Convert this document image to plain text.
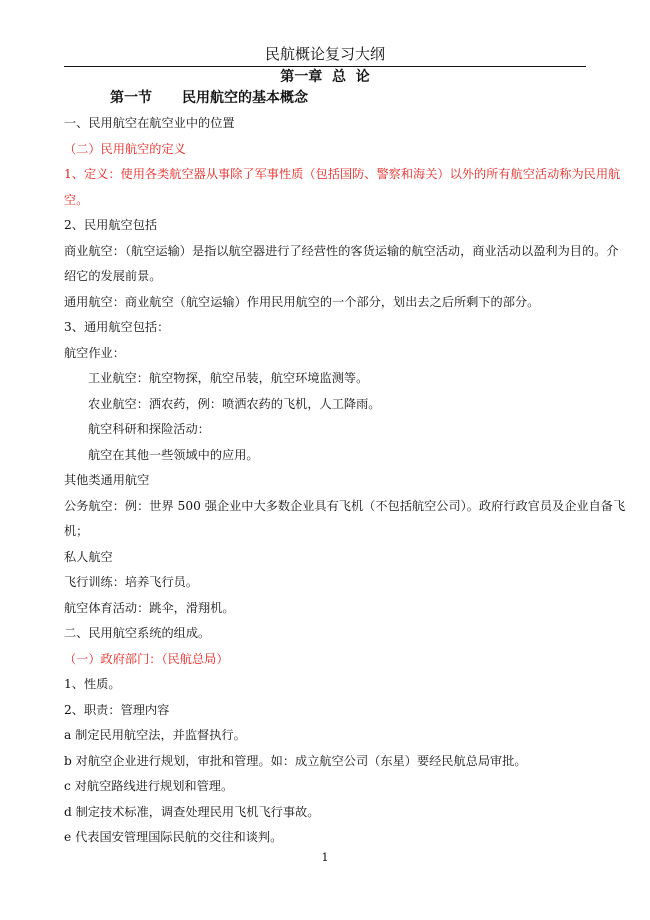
民航概论复习大纲
第一章  总  论
第一节 民用航空的基本概念

一、民用航空在航空业中的位置

（二）民用航空的定义

1、定义：使用各类航空器从事除了军事性质（包括国防、警察和海关）以外的所有航空活动称为民用航

空。

2、民用航空包括

商业航空：（航空运输）是指以航空器进行了经营性的客货运输的航空活动，商业活动以盈利为目的。介

绍它的发展前景。

通用航空：商业航空（航空运输）作用民用航空的一个部分，划出去之后所剩下的部分。

3、通用航空包括：

航空作业：

工业航空：航空物探，航空吊装，航空环境监测等。

农业航空：洒农药，例：喷洒农药的飞机，人工降雨。

航空科研和探险活动：

航空在其他一些领域中的应用。

其他类通用航空

公务航空：例：世界 500 强企业中大多数企业具有飞机（不包括航空公司）。政府行政官员及企业自备飞

机；

私人航空

飞行训练：培养飞行员。

航空体育活动：跳伞，滑翔机。

二、民用航空系统的组成。

（一）政府部门：（民航总局）

1、性质。

2、职责：管理内容

a 制定民用航空法，并监督执行。

b 对航空企业进行规划，审批和管理。如：成立航空公司（东星）要经民航总局审批。

c 对航空路线进行规划和管理。

d 制定技术标准，调查处理民用飞机飞行事故。

e 代表国安管理国际民航的交往和谈判。

1
